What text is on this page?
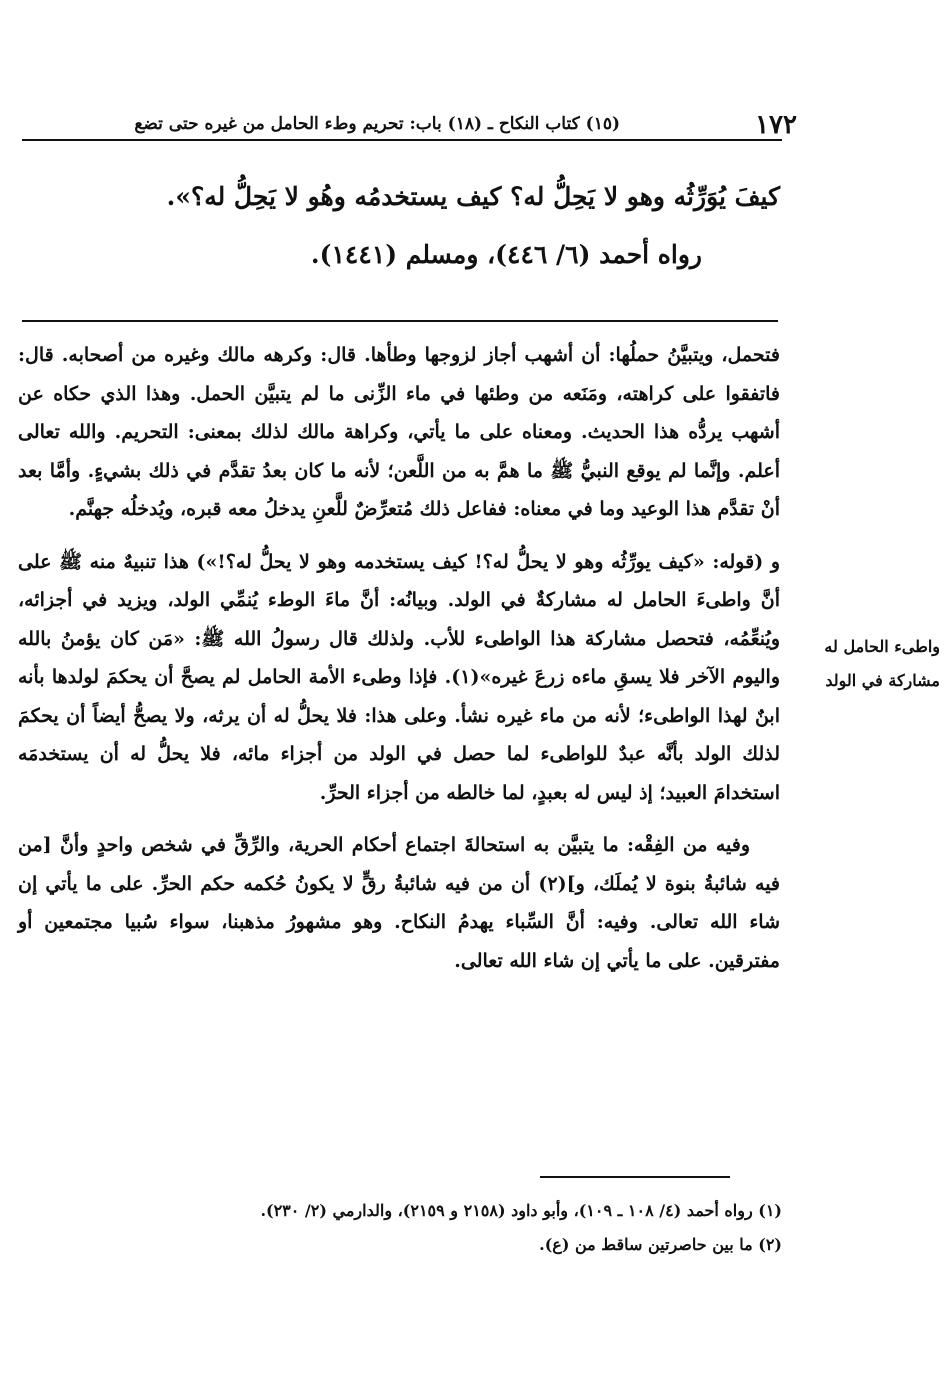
١٧٢
(١٥) كتاب النكاح ـ (١٨) باب: تحريم وطء الحامل من غيره حتى تضع

كيفَ يُوَرِّثُه وهو لا يَحِلُّ له؟ كيف يستخدمُه وهُو لا يَحِلُّ له؟».

رواه أحمد (٦/ ٤٤٦)، ومسلم (١٤٤١).

فتحمل، ويتبيَّنُ حملُها: أن أشهب أجاز لزوجها وطأها. قال: وكرهه مالك وغيره من أصحابه. قال: فاتفقوا على كراهته، ومَنَعه من وطئها في ماء الزِّنى ما لم يتبيَّن الحمل. وهذا الذي حكاه عن أشهب يردُّه هذا الحديث. ومعناه على ما يأتي، وكراهة مالك لذلك بمعنى: التحريم. والله تعالى أعلم. وإنَّما لم يوقع النبيُّ ﷺ ما همَّ به من اللَّعن؛ لأنه ما كان بعدُ تقدَّم في ذلك بشيءٍ. وأمَّا بعد أنْ تقدَّم هذا الوعيد وما في معناه: ففاعل ذلك مُتعرِّضٌ للَّعنِ يدخلُ معه قبره، ويُدخلُه جهنَّم.

و (قوله: «كيف يورِّثُه وهو لا يحلُّ له؟! كيف يستخدمه وهو لا يحلُّ له؟!») هذا تنبيهٌ منه ﷺ على أنَّ واطىءَ الحامل له مشاركةٌ في الولد. وبيانُه: أنَّ ماءَ الوطء يُنمِّي الولد، ويزيد في أجزائه، ويُنعِّمُه، فتحصل مشاركة هذا الواطىء للأب. ولذلك قال رسولُ الله ﷺ: «مَن كان يؤمنُ بالله واليوم الآخر فلا يسقِ ماءه زرعَ غيره»(١). فإذا وطىء الأمة الحامل لم يصحَّ أن يحكمَ لولدها بأنه ابنٌ لهذا الواطىء؛ لأنه من ماء غيره نشأ. وعلى هذا: فلا يحلُّ له أن يرثه، ولا يصحُّ أيضاً أن يحكمَ لذلك الولد بأنَّه عبدٌ للواطىء لما حصل في الولد من أجزاء مائه، فلا يحلُّ له أن يستخدمَه استخدامَ العبيد؛ إذ ليس له بعبدٍ، لما خالطه من أجزاء الحرِّ.

وفيه من الفِقْه: ما يتبيَّن به استحالةَ اجتماع أحكام الحرية، والرِّقِّ في شخص واحدٍ وأنَّ [من فيه شائبةُ بنوة لا يُملَك، و](٢) أن من فيه شائبةُ رقٍّ لا يكونُ حُكمه حكم الحرِّ. على ما يأتي إن شاء الله تعالى. وفيه: أنَّ السِّباء يهدمُ النكاح. وهو مشهورُ مذهبنا، سواء سُبيا مجتمعين أو مفترقين. على ما يأتي إن شاء الله تعالى.

واطىء الحامل له
مشاركة في الولد
(١) رواه أحمد (٤/ ١٠٨ ـ ١٠٩)، وأبو داود (٢١٥٨ و ٢١٥٩)، والدارمي (٢/ ٢٣٠).
(٢) ما بين حاصرتين ساقط من (ع).
